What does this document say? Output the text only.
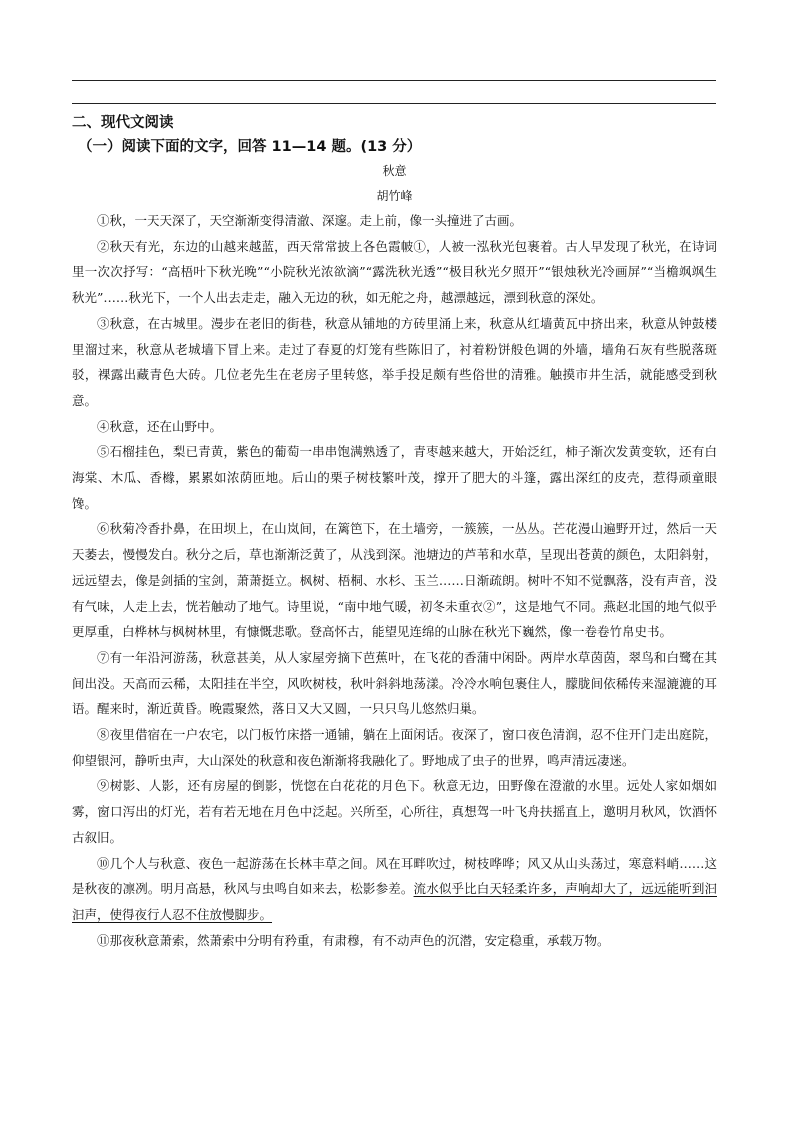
二、现代文阅读

（一）阅读下面的文字，回答 11—14 题。(13 分）

秋意

胡竹峰

①秋，一天天深了，天空渐渐变得清澈、深邃。走上前，像一头撞进了古画。

②秋天有光，东边的山越来越蓝，西天常常披上各色霞帔①，人被一泓秋光包裹着。古人早发现了秋光，在诗词里一次次抒写：“高梧叶下秋光晚”“小院秋光浓欲滴”“露洗秋光透”“极目秋光夕照开”“银烛秋光冷画屏”“当檐飒飒生秋光”……秋光下，一个人出去走走，融入无边的秋，如无舵之舟，越漂越远，漂到秋意的深处。

③秋意，在古城里。漫步在老旧的街巷，秋意从铺地的方砖里涌上来，秋意从红墙黄瓦中挤出来，秋意从钟鼓楼里溜过来，秋意从老城墙下冒上来。走过了春夏的灯笼有些陈旧了，衬着粉饼般色调的外墙，墙角石灰有些脱落斑驳，裸露出藏青色大砖。几位老先生在老房子里转悠，举手投足颇有些俗世的清雅。触摸市井生活，就能感受到秋意。

④秋意，还在山野中。

⑤石榴挂色，梨已青黄，紫色的葡萄一串串饱满熟透了，青枣越来越大，开始泛红，柿子渐次发黄变软，还有白海棠、木瓜、香橼，累累如浓荫匝地。后山的栗子树枝繁叶茂，撑开了肥大的斗篷，露出深红的皮壳，惹得顽童眼馋。

⑥秋菊冷香扑鼻，在田坝上，在山岚间，在篱笆下，在土墙旁，一簇簇，一丛丛。芒花漫山遍野开过，然后一天天萎去，慢慢发白。秋分之后，草也渐渐泛黄了，从浅到深。池塘边的芦苇和水草，呈现出苍黄的颜色，太阳斜射，远远望去，像是剑插的宝剑，萧萧挺立。枫树、梧桐、水杉、玉兰……日渐疏朗。树叶不知不觉飘落，没有声音，没有气味，人走上去，恍若触动了地气。诗里说，“南中地气暖，初冬未重衣②”，这是地气不同。燕赵北国的地气似乎更厚重，白桦林与枫树林里，有慷慨悲歌。登高怀古，能望见连绵的山脉在秋光下巍然，像一卷卷竹帛史书。

⑦有一年沿河游荡，秋意甚美，从人家屋旁摘下芭蕉叶，在飞花的香蒲中闲卧。两岸水草茵茵，翠鸟和白鹭在其间出没。天高而云稀，太阳挂在半空，风吹树枝，秋叶斜斜地荡漾。冷冷水响包裹住人，朦胧间依稀传来湿漉漉的耳语。醒来时，渐近黄昏。晚霞聚然，落日又大又圆，一只只鸟儿悠然归巢。

⑧夜里借宿在一户农宅，以门板竹床搭一通铺，躺在上面闲话。夜深了，窗口夜色清润，忍不住开门走出庭院，仰望银河，静听虫声，大山深处的秋意和夜色渐渐将我融化了。野地成了虫子的世界，鸣声清远凄迷。

⑨树影、人影，还有房屋的倒影，恍惚在白花花的月色下。秋意无边，田野像在澄澈的水里。远处人家如烟如雾，窗口泻出的灯光，若有若无地在月色中泛起。兴所至，心所往，真想驾一叶飞舟扶摇直上，邀明月秋风，饮酒怀古叙旧。

⑩几个人与秋意、夜色一起游荡在长林丰草之间。风在耳畔吹过，树枝哗哗；风又从山头荡过，寒意料峭……这是秋夜的凛冽。明月高悬，秋风与虫鸣自如来去，松影参差。流水似乎比白天轻柔许多，声响却大了，远远能听到汩汩声，使得夜行人忍不住放慢脚步。

⑪那夜秋意萧索，然萧索中分明有矜重，有肃穆，有不动声色的沉潜，安定稳重，承载万物。
